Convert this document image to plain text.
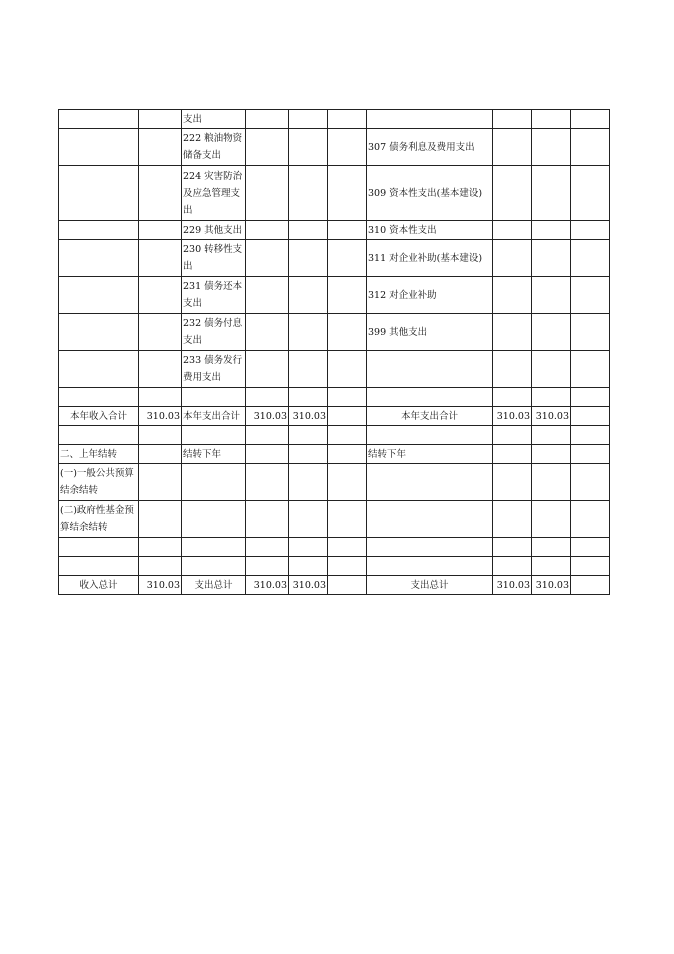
		支出							
		222 粮油物资储备支出				307 债务利息及费用支出			
		224 灾害防治及应急管理支出				309 资本性支出(基本建设)			
		229 其他支出				310 资本性支出			
		230 转移性支出				311 对企业补助(基本建设)			
		231 债务还本支出				312 对企业补助			
		232 债务付息支出				399 其他支出			
		233 债务发行费用支出							

本年收入合计	310.03	本年支出合计	310.03	310.03		本年支出合计	310.03	310.03	

二、上年结转		结转下年				结转下年			
(一)一般公共预算结余结转									
(二)政府性基金预算结余结转									

收入总计	310.03	支出总计	310.03	310.03		支出总计	310.03	310.03	
